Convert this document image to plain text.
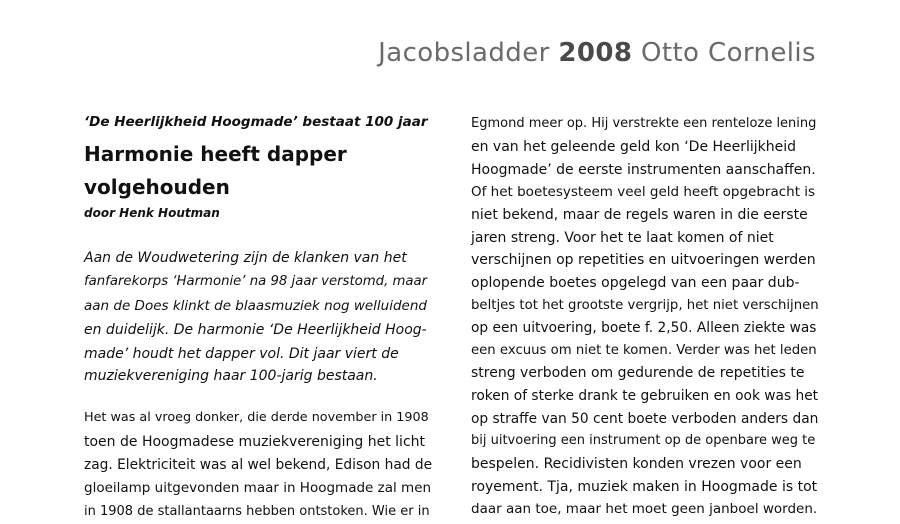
Jacobsladder 2008 Otto Cornelis
‘De Heerlijkheid Hoogmade’ bestaat 100 jaar
Harmonie heeft dapper
volgehouden
door Henk Houtman
Aan de Woudwetering zijn de klanken van het
fanfarekorps ‘Harmonie’ na 98 jaar verstomd, maar
aan de Does klinkt de blaasmuziek nog welluidend
en duidelijk. De harmonie ‘De Heerlijkheid Hoog-
made’ houdt het dapper vol. Dit jaar viert de
muziekvereniging haar 100-jarig bestaan.
Het was al vroeg donker, die derde november in 1908
toen de Hoogmadese muziekvereniging het licht
zag. Elektriciteit was al wel bekend, Edison had de
gloeilamp uitgevonden maar in Hoogmade zal men
in 1908 de stallantaarns hebben ontstoken. Wie er in
Egmond meer op. Hij verstrekte een renteloze lening
en van het geleende geld kon ‘De Heerlijkheid
Hoogmade’ de eerste instrumenten aanschaffen.
Of het boetesysteem veel geld heeft opgebracht is
niet bekend, maar de regels waren in die eerste
jaren streng. Voor het te laat komen of niet
verschijnen op repetities en uitvoeringen werden
oplopende boetes opgelegd van een paar dub-
beltjes tot het grootste vergrijp, het niet verschijnen
op een uitvoering, boete f. 2,50. Alleen ziekte was
een excuus om niet te komen. Verder was het leden
streng verboden om gedurende de repetities te
roken of sterke drank te gebruiken en ook was het
op straffe van 50 cent boete verboden anders dan
bij uitvoering een instrument op de openbare weg te
bespelen. Recidivisten konden vrezen voor een
royement. Tja, muziek maken in Hoogmade is tot
daar aan toe, maar het moet geen janboel worden.
